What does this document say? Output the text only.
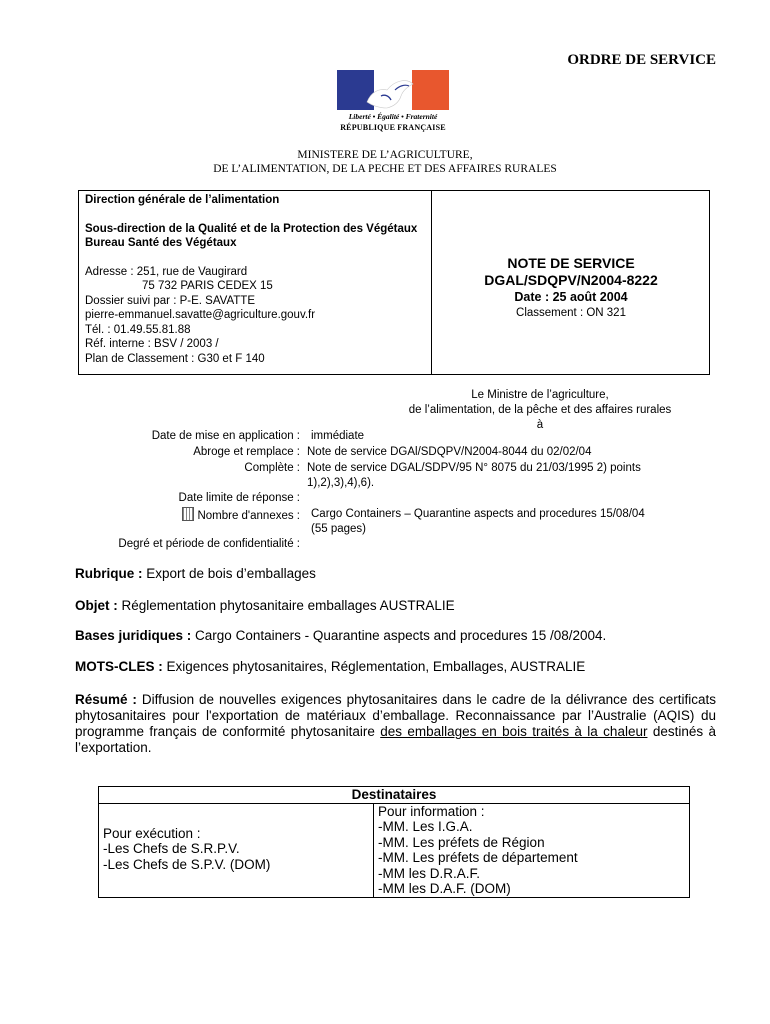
ORDRE DE SERVICE
Liberté • Égalité • Fraternité
RÉPUBLIQUE FRANÇAISE
MINISTERE DE L’AGRICULTURE,
DE L’ALIMENTATION, DE LA PECHE ET DES AFFAIRES RURALES
Direction générale de l’alimentation
Sous-direction de la Qualité et de la Protection des Végétaux
Bureau Santé des Végétaux
Adresse : 251, rue de Vaugirard
75 732 PARIS CEDEX 15
Dossier suivi par : P-E. SAVATTE
pierre-emmanuel.savatte@agriculture.gouv.fr
Tél. : 01.49.55.81.88
Réf. interne : BSV / 2003 /
Plan de Classement : G30 et F 140
NOTE DE SERVICE
DGAL/SDQPV/N2004-8222
Date : 25 août 2004
Classement : ON 321
Le Ministre de l’agriculture,
de l’alimentation, de la pêche et des affaires rurales
à
Date de mise en application : immédiate
Abroge et remplace : Note de service DGAl/SDQPV/N2004-8044 du 02/02/04
Complète : Note de service DGAL/SDPV/95 N° 8075 du 21/03/1995 2) points
1),2),3),4),6).
Date limite de réponse :
Nombre d'annexes : Cargo Containers – Quarantine aspects and procedures 15/08/04
(55 pages)
Degré et période de confidentialité :
Rubrique : Export de bois d’emballages
Objet : Réglementation phytosanitaire emballages AUSTRALIE
Bases juridiques : Cargo Containers - Quarantine aspects and procedures 15 /08/2004.
MOTS-CLES : Exigences phytosanitaires, Réglementation, Emballages, AUSTRALIE
Résumé : Diffusion de nouvelles exigences phytosanitaires dans le cadre de la délivrance des certificats phytosanitaires pour l'exportation de matériaux d’emballage. Reconnaissance par l’Australie (AQIS) du programme français de conformité phytosanitaire des emballages en bois traités à la chaleur destinés à l’exportation.
Destinataires

Pour exécution :
-Les Chefs de S.R.P.V.
-Les Chefs de S.P.V. (DOM)

Pour information :
-MM. Les I.G.A.
-MM. Les préfets de Région
-MM. Les préfets de département
-MM les D.R.A.F.
-MM les D.A.F. (DOM)
